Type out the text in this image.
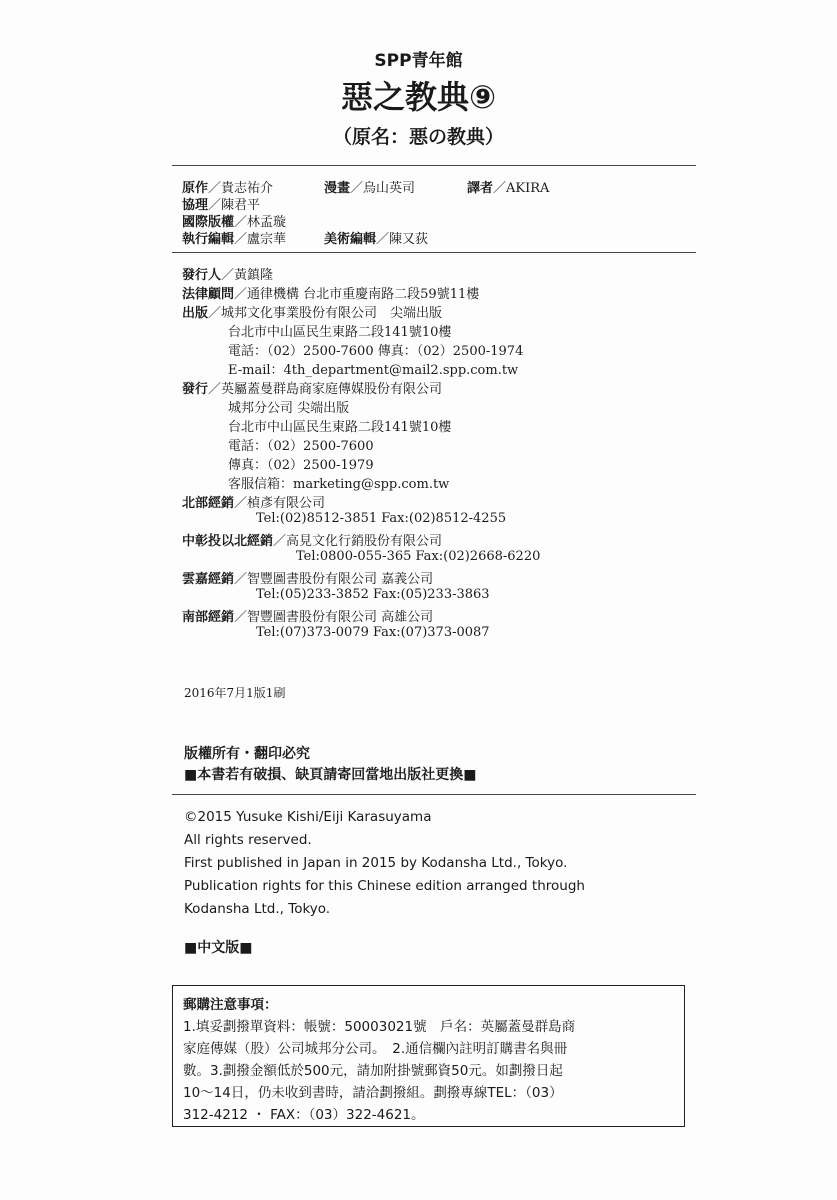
SPP青年館
惡之教典⑨
（原名：悪の教典）
原作／貴志祐介	漫畫／烏山英司	譯者／AKIRA
協理／陳君平
國際版權／林孟璇
執行編輯／盧宗華	美術編輯／陳又荻
發行人／黃鎮隆
法律顧問／通律機構 台北市重慶南路二段59號11樓
出版／城邦文化事業股份有限公司　尖端出版
台北市中山區民生東路二段141號10樓
電話：（02）2500-7600 傳真：（02）2500-1974
E-mail：4th_department@mail2.spp.com.tw
發行／英屬蓋曼群島商家庭傳媒股份有限公司
城邦分公司 尖端出版
台北市中山區民生東路二段141號10樓
電話：（02）2500-7600
傳真：（02）2500-1979
客服信箱：marketing@spp.com.tw
北部經銷／楨彥有限公司
Tel:(02)8512-3851 Fax:(02)8512-4255
中彰投以北經銷／高見文化行銷股份有限公司
Tel:0800-055-365 Fax:(02)2668-6220
雲嘉經銷／智豐圖書股份有限公司 嘉義公司
Tel:(05)233-3852 Fax:(05)233-3863
南部經銷／智豐圖書股份有限公司 高雄公司
Tel:(07)373-0079 Fax:(07)373-0087
2016年7月1版1刷
版權所有・翻印必究
■本書若有破損、缺頁請寄回當地出版社更換■
©2015 Yusuke Kishi/Eiji Karasuyama
All rights reserved.
First published in Japan in 2015 by Kodansha Ltd., Tokyo.
Publication rights for this Chinese edition arranged through
Kodansha Ltd., Tokyo.
■中文版■
郵購注意事項：
1.填妥劃撥單資料：帳號：50003021號　戶名：英屬蓋曼群島商
家庭傳媒（股）公司城邦分公司。　2.通信欄內註明訂購書名與冊
數。3.劃撥金額低於500元，請加附掛號郵資50元。如劃撥日起
10～14日，仍未收到書時，請洽劃撥組。劃撥專線TEL：（03）
312-4212 ・ FAX：（03）322-4621。
